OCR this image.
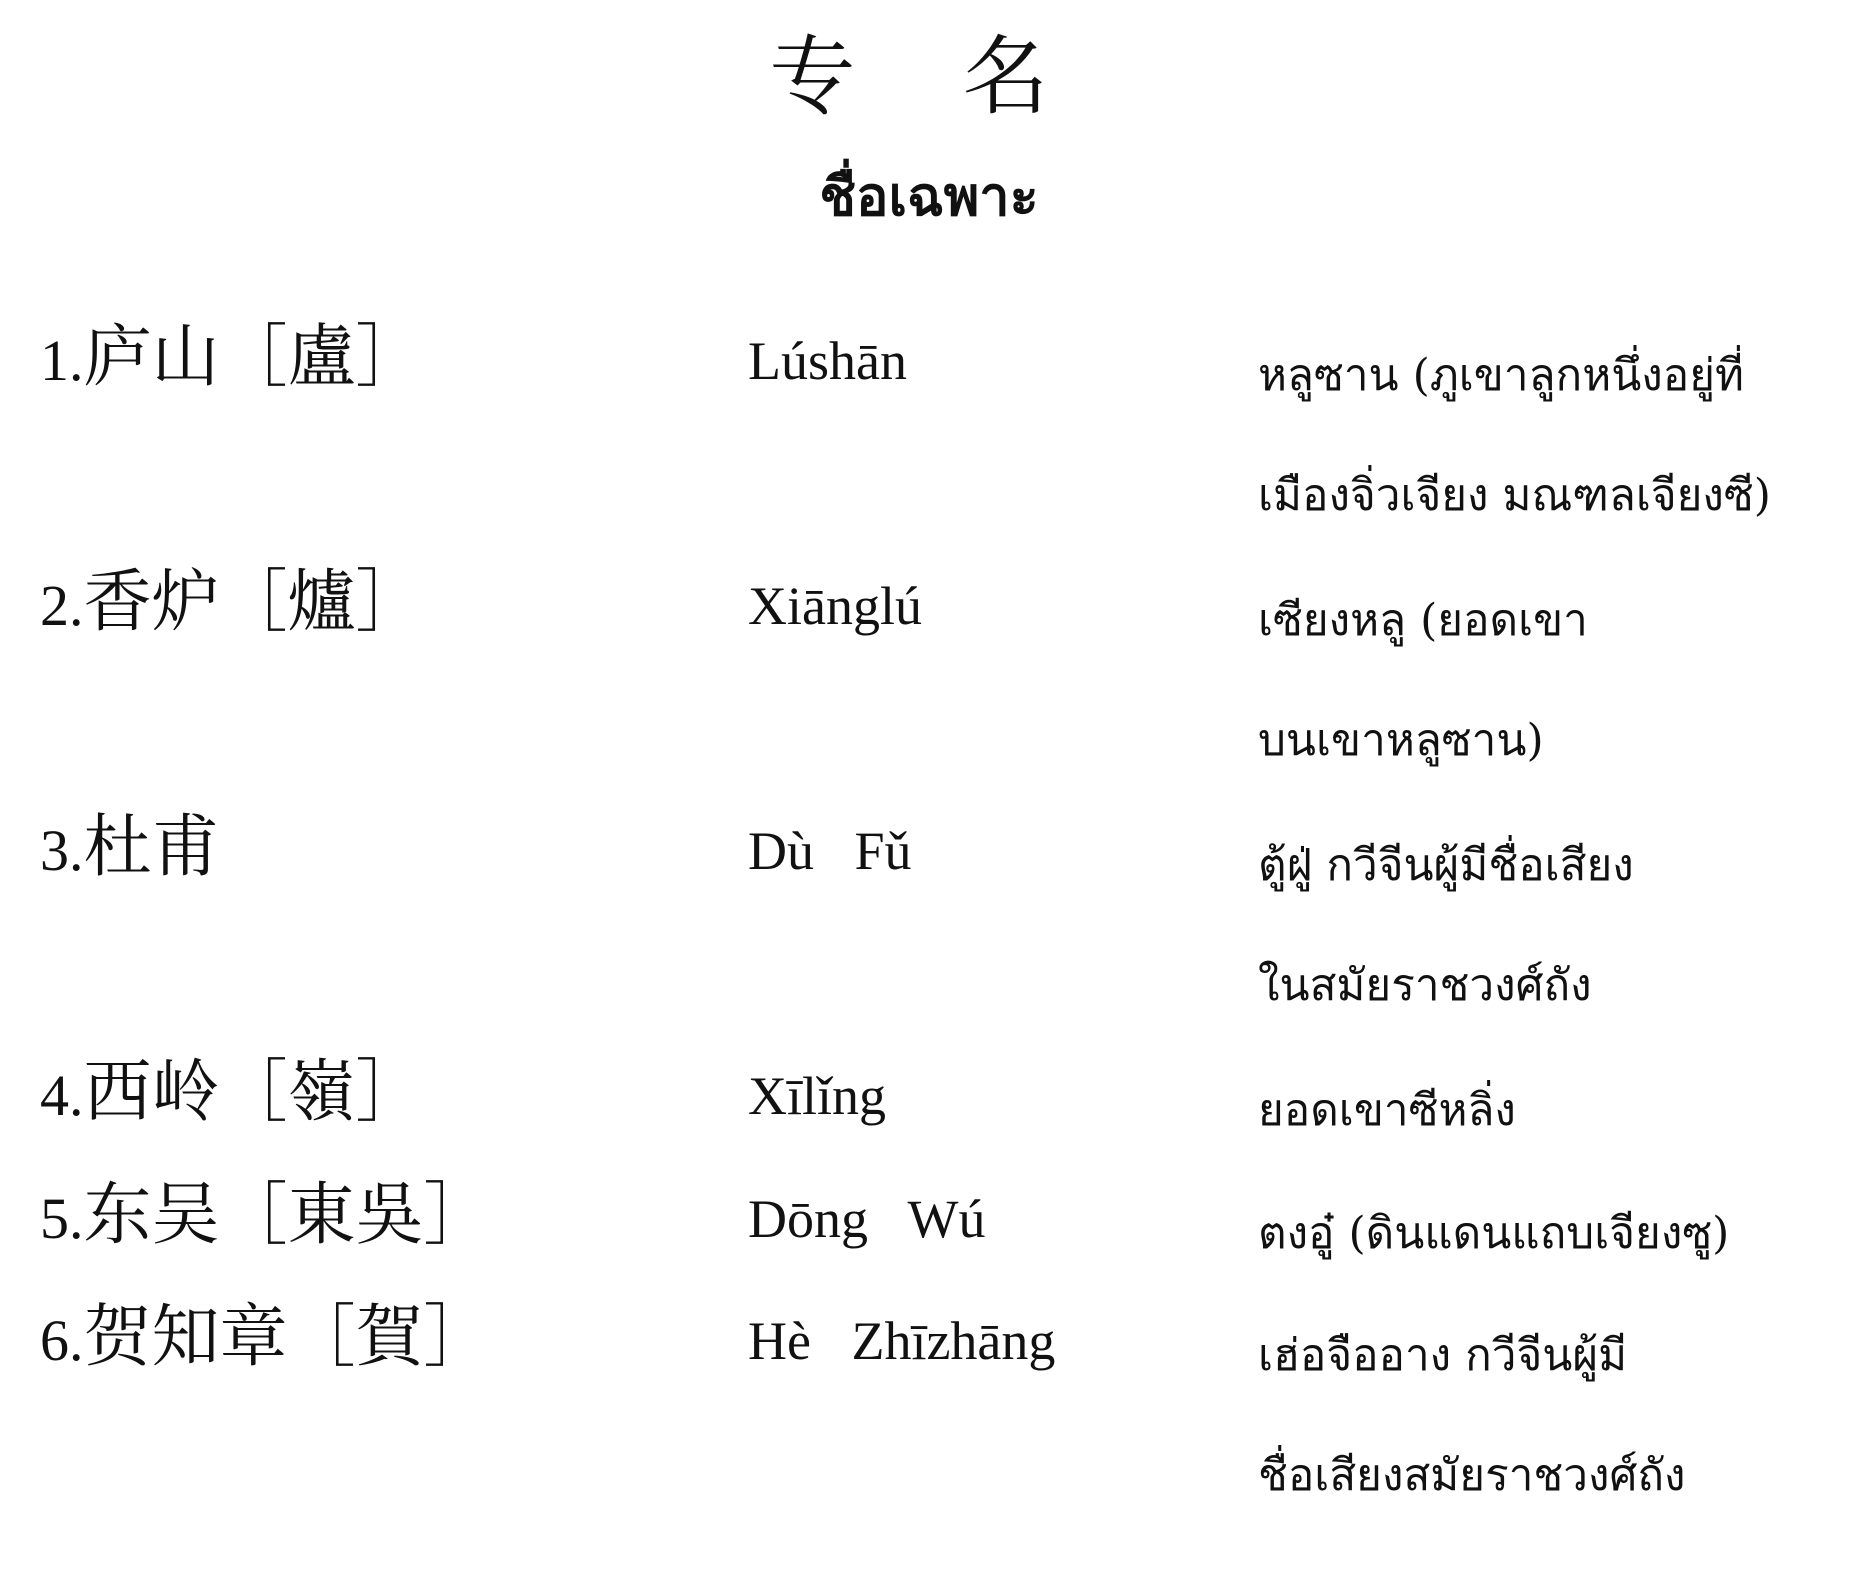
专 名
ชื่อเฉพาะ
1.庐山［盧］	Lúshān	หลูซาน (ภูเขาลูกหนึ่งอยู่ที่
เมืองจิ่วเจียง มณฑลเจียงซี)
2.香炉［爐］	Xiānglú	เซียงหลู (ยอดเขา
บนเขาหลูซาน)
3.杜甫	Dù   Fǔ	ตู้ฝู่ กวีจีนผู้มีชื่อเสียง
ในสมัยราชวงศ์ถัง
4.西岭［嶺］	Xīlǐng	ยอดเขาซีหลิ่ง
5.东吴［東吳］	Dōng   Wú	ตงอู๋ (ดินแดนแถบเจียงซู)
6.贺知章［賀］	Hè   Zhīzhāng	เฮ่อจืออาง กวีจีนผู้มี
ชื่อเสียงสมัยราชวงศ์ถัง
